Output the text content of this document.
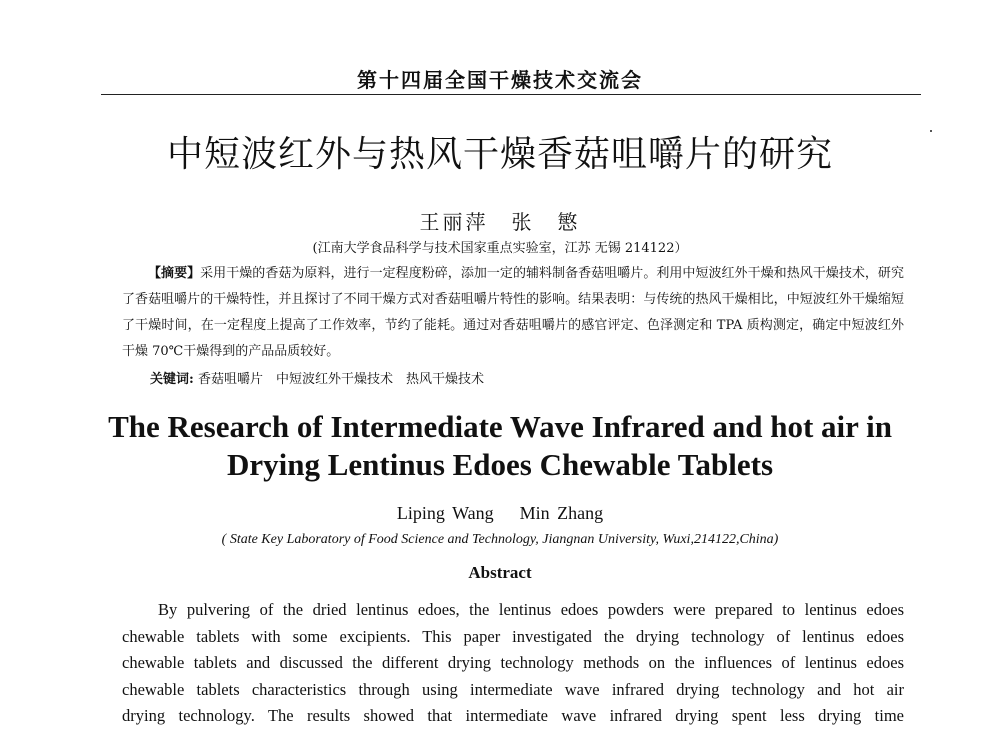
第十四届全国干燥技术交流会
中短波红外与热风干燥香菇咀嚼片的研究
王丽萍　张　慜
(江南大学食品科学与技术国家重点实验室，江苏 无锡 214122）
【摘要】采用干燥的香菇为原料，进行一定程度粉碎，添加一定的辅料制备香菇咀嚼片。利用中短波红外干燥和热风干燥技术，研究了香菇咀嚼片的干燥特性，并且探讨了不同干燥方式对香菇咀嚼片特性的影响。结果表明：与传统的热风干燥相比，中短波红外干燥缩短了干燥时间，在一定程度上提高了工作效率，节约了能耗。通过对香菇咀嚼片的感官评定、色泽测定和 TPA 质构测定，确定中短波红外干燥 70℃干燥得到的产品品质较好。
关键词: 香菇咀嚼片　中短波红外干燥技术　热风干燥技术
The Research of Intermediate Wave Infrared and hot air in
Drying Lentinus Edoes Chewable Tablets
Liping Wang Min Zhang
( State Key Laboratory of Food Science and Technology, Jiangnan University, Wuxi,214122,China)
Abstract
By pulvering of the dried lentinus edoes, the lentinus edoes powders were prepared to lentinus edoes
chewable tablets with some excipients. This paper investigated the drying technology of lentinus edoes
chewable tablets and discussed the different drying technology methods on the influences of lentinus edoes
chewable tablets characteristics through using intermediate wave infrared drying technology and hot air
drying technology. The results showed that intermediate wave infrared drying spent less drying time
